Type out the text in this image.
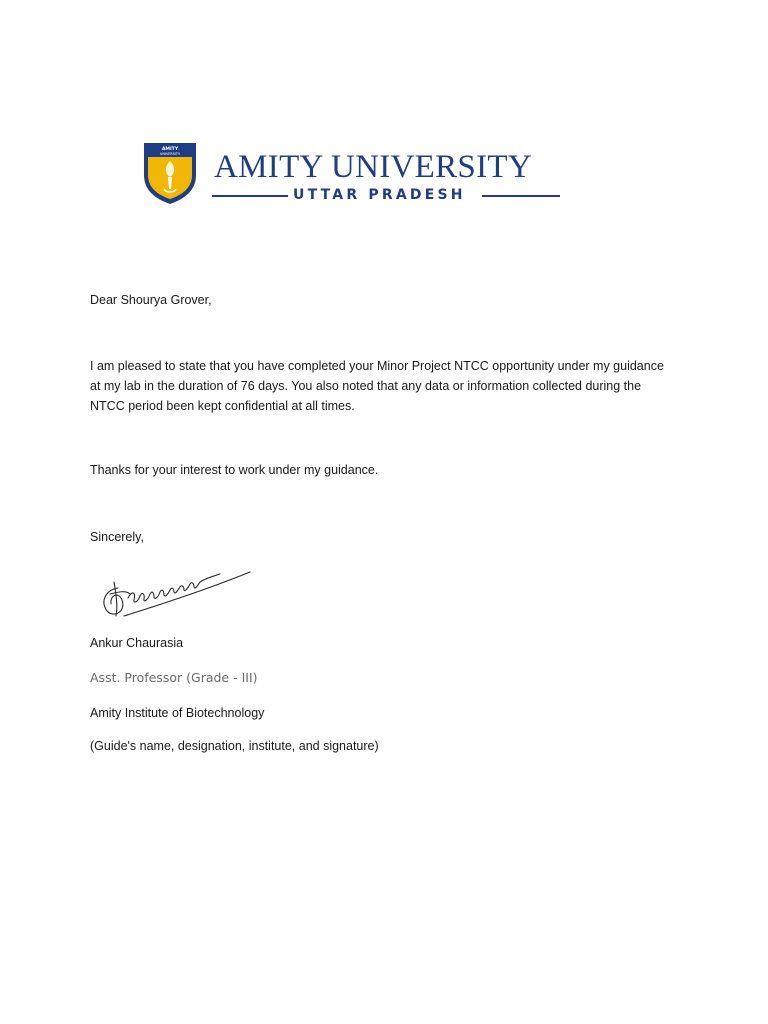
AMITY
UNIVERSITY AMITY UNIVERSITY
UTTAR PRADESH
Dear Shourya Grover,
I am pleased to state that you have completed your Minor Project NTCC opportunity under my guidance
at my lab in the duration of 76 days. You also noted that any data or information collected during the
NTCC period been kept confidential at all times.
Thanks for your interest to work under my guidance.
Sincerely,
Ankur Chaurasia
Asst. Professor (Grade - III)
Amity Institute of Biotechnology
(Guide's name, designation, institute, and signature)
